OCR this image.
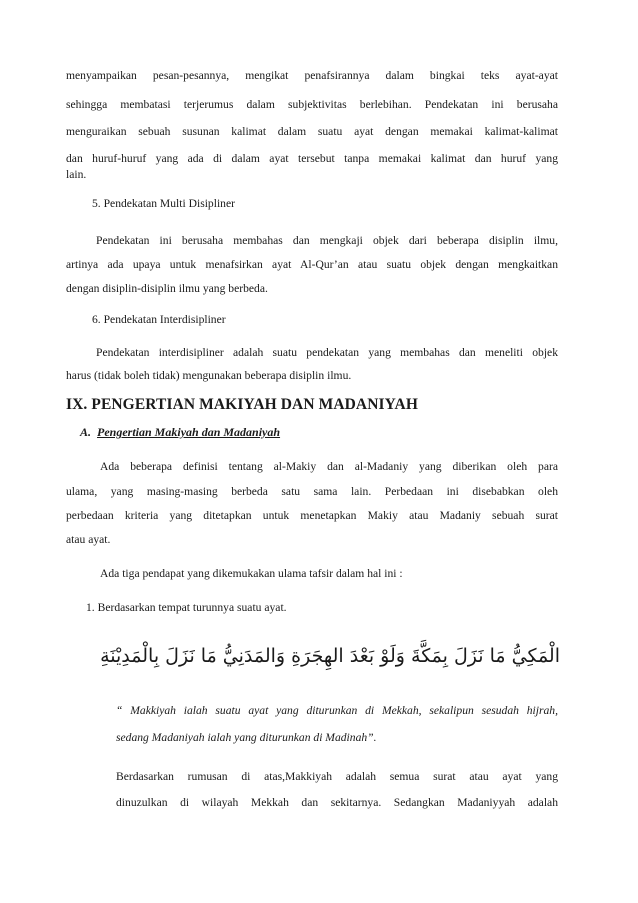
menyampaikan pesan-pesannya, mengikat penafsirannya dalam bingkai teks ayat-ayat
sehingga membatasi terjerumus dalam subjektivitas berlebihan. Pendekatan ini berusaha
menguraikan sebuah susunan kalimat dalam suatu ayat dengan memakai kalimat-kalimat
dan huruf-huruf yang ada di dalam ayat tersebut tanpa memakai kalimat dan huruf yang
lain.
5. Pendekatan Multi Disipliner
Pendekatan ini berusaha membahas dan mengkaji objek dari beberapa disiplin ilmu,
artinya ada upaya untuk menafsirkan ayat Al-Qur’an atau suatu objek dengan mengkaitkan
dengan disiplin-disiplin ilmu yang berbeda.
6. Pendekatan Interdisipliner
Pendekatan interdisipliner adalah suatu pendekatan yang membahas dan meneliti objek
harus (tidak boleh tidak) mengunakan beberapa disiplin ilmu.
IX. PENGERTIAN MAKIYAH DAN MADANIYAH
A. Pengertian Makiyah dan Madaniyah
Ada beberapa definisi tentang al-Makiy dan al-Madaniy yang diberikan oleh para
ulama, yang masing-masing berbeda satu sama lain. Perbedaan ini disebabkan oleh
perbedaan kriteria yang ditetapkan untuk menetapkan Makiy atau Madaniy sebuah surat
atau ayat.
Ada tiga pendapat yang dikemukakan ulama tafsir dalam hal ini :
1. Berdasarkan tempat turunnya suatu ayat.
الْمَكِيُّ مَا نَزَلَ بِمَكَّةَ وَلَوْ بَعْدَ الهِجَرَةِ وَالمَدَنِيُّ مَا نَزَلَ بِالْمَدِيْنَةِ
“ Makkiyah ialah suatu ayat yang diturunkan di Mekkah, sekalipun sesudah hijrah,
sedang Madaniyah ialah yang diturunkan di Madinah”.
Berdasarkan rumusan di atas,Makkiyah adalah semua surat atau ayat yang
dinuzulkan di wilayah Mekkah dan sekitarnya. Sedangkan Madaniyyah adalah
